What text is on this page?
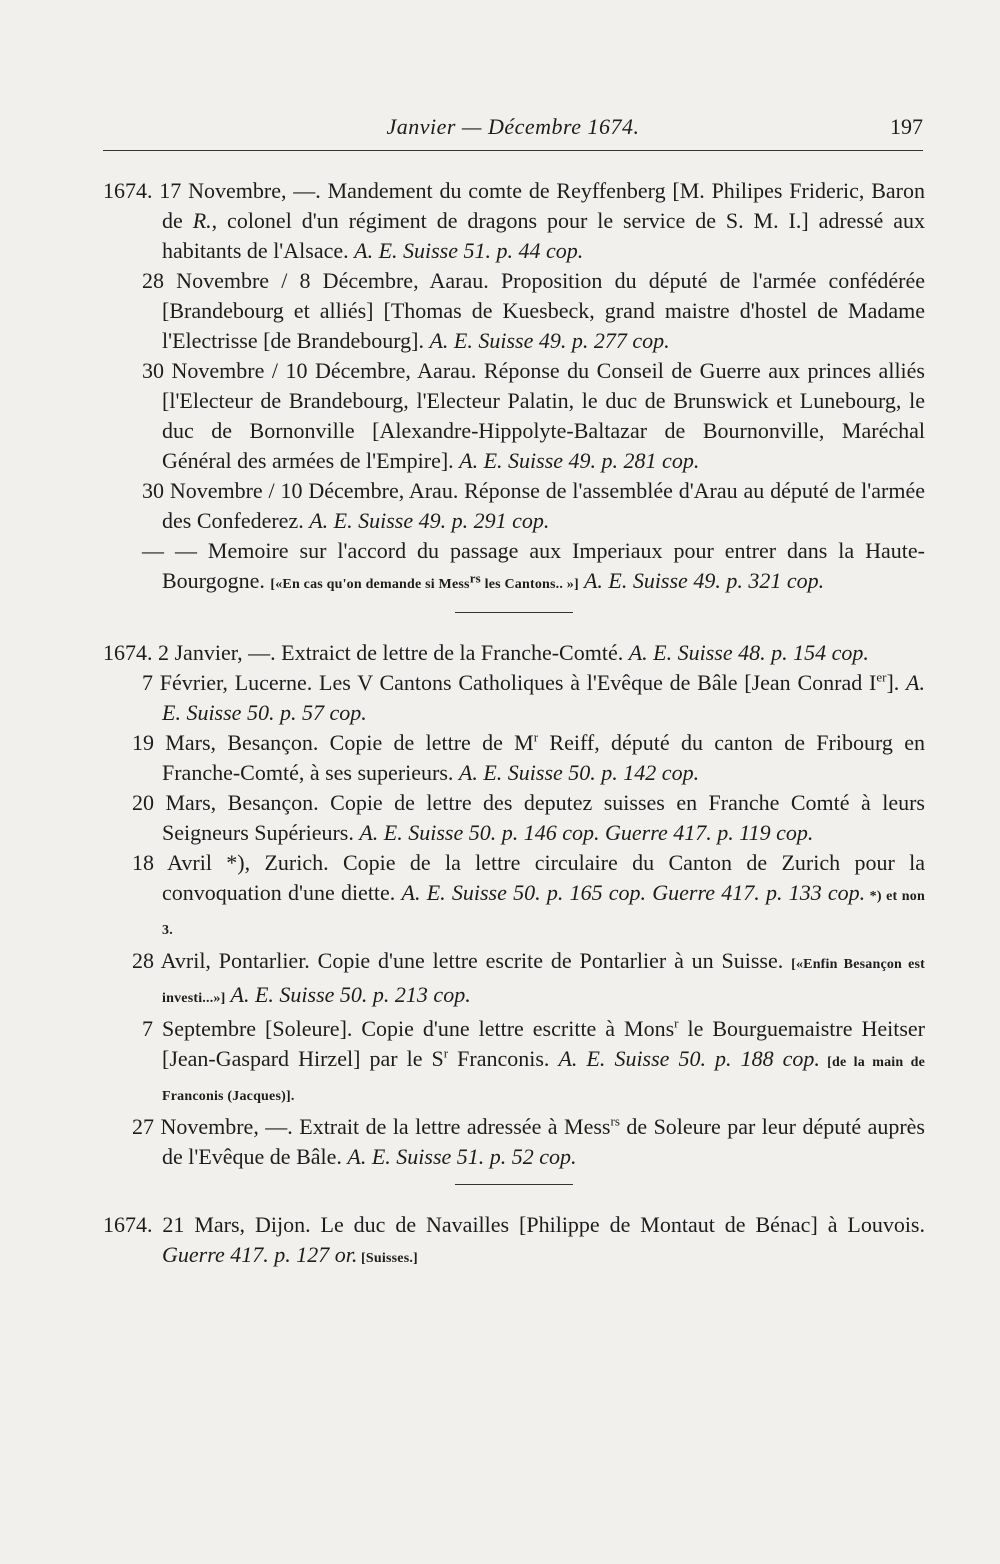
Janvier — Décembre 1674.	197

1674. 17 Novembre, —. Mandement du comte de Reyffenberg [M. Philipes Frideric, Baron de R., colonel d'un régiment de dragons pour le service de S. M. I.] adressé aux habitants de l'Alsace. A. E. Suisse 51. p. 44 cop.

28 Novembre / 8 Décembre, Aarau. Proposition du député de l'armée confédérée [Brandebourg et alliés] [Thomas de Kuesbeck, grand maistre d'hostel de Madame l'Electrisse [de Brandebourg]. A. E. Suisse 49. p. 277 cop.

30 Novembre / 10 Décembre, Aarau. Réponse du Conseil de Guerre aux princes alliés [l'Electeur de Brandebourg, l'Electeur Palatin, le duc de Brunswick et Lunebourg, le duc de Bornonville [Alexandre-Hippolyte-Baltazar de Bournonville, Maréchal Général des armées de l'Empire]. A. E. Suisse 49. p. 281 cop.

30 Novembre / 10 Décembre, Arau. Réponse de l'assemblée d'Arau au député de l'armée des Confederez. A. E. Suisse 49. p. 291 cop.

— — Memoire sur l'accord du passage aux Imperiaux pour entrer dans la Haute-Bourgogne. [«En cas qu'on demande si Mess$^{rs}$ les Cantons.. »] A. E. Suisse 49. p. 321 cop.

1674. 2 Janvier, —. Extraict de lettre de la Franche-Comté. A. E. Suisse 48. p. 154 cop.

7 Février, Lucerne. Les V Cantons Catholiques à l'Evêque de Bâle [Jean Conrad Ier]. A. E. Suisse 50. p. 57 cop.

19 Mars, Besançon. Copie de lettre de $M^r$ Reiff, député du canton de Fribourg en Franche-Comté, à ses superieurs. A. E. Suisse 50. p. 142 cop.

20 Mars, Besançon. Copie de lettre des deputez suisses en Franche Comté à leurs Seigneurs Supérieurs. A. E. Suisse 50. p. 146 cop. Guerre 417. p. 119 cop.

18 Avril *), Zurich. Copie de la lettre circulaire du Canton de Zurich pour la convoquation d'une diette. A. E. Suisse 50. p. 165 cop. Guerre 417. p. 133 cop. *) et non 3.

28 Avril, Pontarlier. Copie d'une lettre escrite de Pontarlier à un Suisse. [«Enfin Besançon est investi...»] A. E. Suisse 50. p. 213 cop.

7 Septembre [Soleure]. Copie d'une lettre escritte à Mons$^r$ le Bourguemaistre Heitser [Jean-Gaspard Hirzel] par le $S^r$ Franconis. A. E. Suisse 50. p. 188 cop. [de la main de Franconis (Jacques)].

27 Novembre, —. Extrait de la lettre adressée à Mess$^{rs}$ de Soleure par leur député auprès de l'Evêque de Bâle. A. E. Suisse 51. p. 52 cop.

1674. 21 Mars, Dijon. Le duc de Navailles [Philippe de Montaut de Bénac] à Louvois. Guerre 417. p. 127 or. [Suisses.]
